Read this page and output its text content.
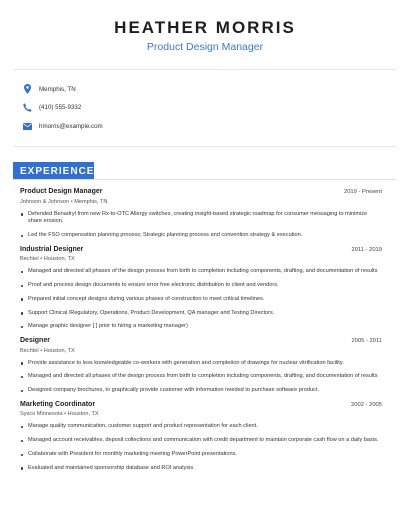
HEATHER MORRIS
Product Design Manager
Memphis, TN
(410) 555-9332
hmorris@example.com
EXPERIENCE
Product Design Manager	2019 - Present
Johnson & Johnson • Memphis, TN
Defended Benadryl from new Rx-to-OTC Allergy switches, creating insight-based strategic roadmap for consumer messaging to minimize share erosion.
Led the FSO compensation planning process; Strategic planning process and convention strategy & execution.
Industrial Designer	2011 - 2019
Bechtel • Houston, TX
Managed and directed all phases of the design process from birth to completion including components, drafting, and documentation of results
Proof and process design documents to ensure error free electronic distribution to client and vendors.
Prepared initial concept designs during various phases of construction to meet critical timelines.
Support Clinical /Regulatory, Operations, Product Development, QA manager and Testing Directors.
Manage graphic designer [ ] prior to hiring a marketing manager)
Designer	2005 - 2011
Bechtel • Houston, TX
Provide assistance to less knowledgeable co-workers with generation and completion of drawings for nuclear vitrification facility.
Managed and directed all phases of the design process from birth to completion including components, drafting, and documentation of results
Designed company brochures, to graphically provide customer with information needed to purchase software product.
Marketing Coordinator	2002 - 2005
Sysco Minnesota • Houston, TX
Manage quality communication, customer support and product representation for each client.
Managed account receivables, deposit collections and communication with credit department to maintain corporate cash flow on a daily basis.
Collaborate with President for monthly marketing meeting PowerPoint presentations.
Evaluated and maintained sponsorship database and ROI analysis.
